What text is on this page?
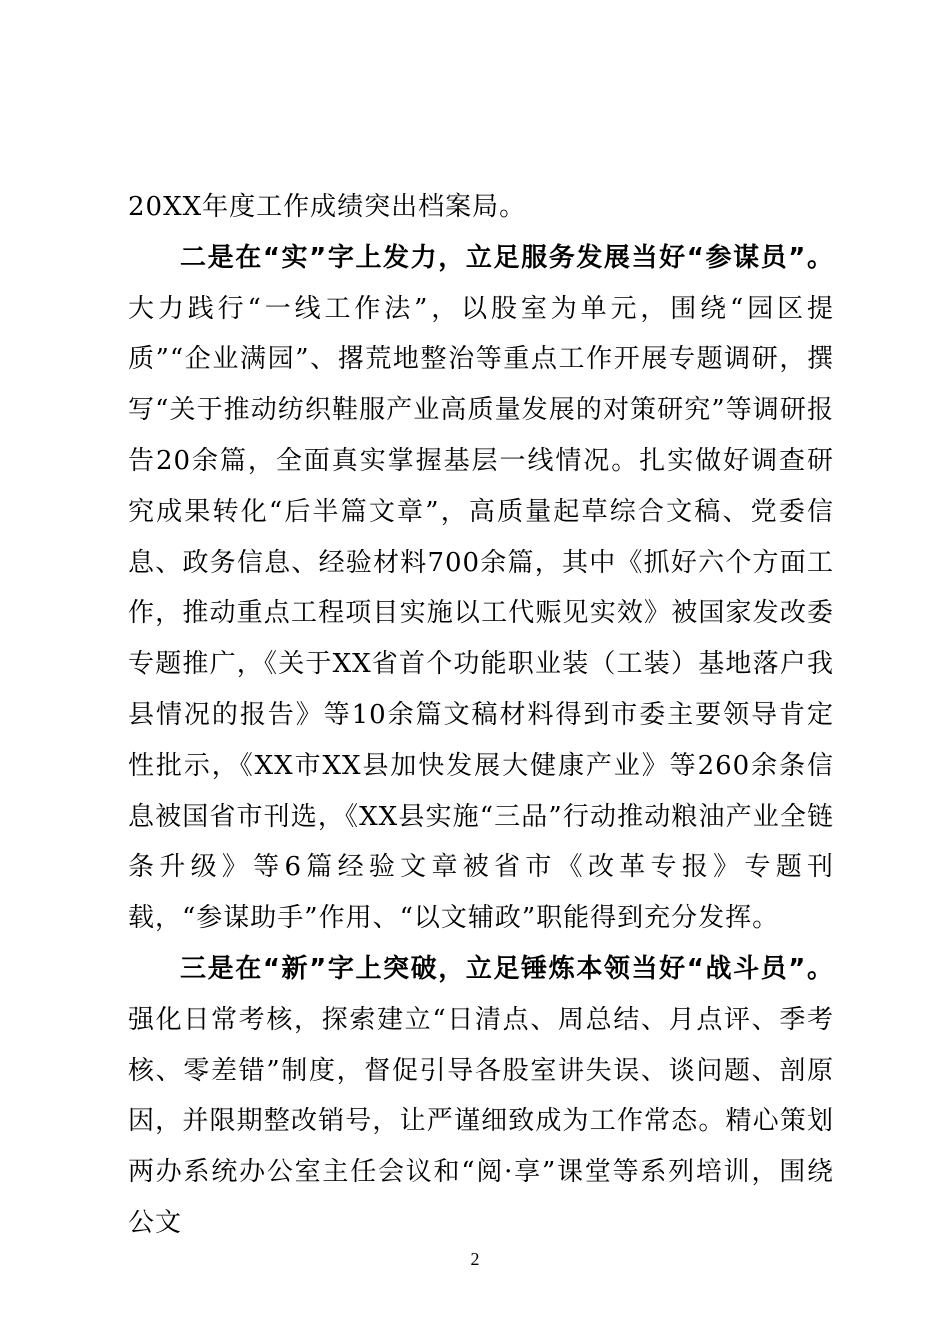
20XX年度工作成绩突出档案局。

二是在“实”字上发力，立足服务发展当好“参谋员”。大力践行“一线工作法”，以股室为单元，围绕“园区提质”“企业满园”、撂荒地整治等重点工作开展专题调研，撰写“关于推动纺织鞋服产业高质量发展的对策研究”等调研报告20余篇，全面真实掌握基层一线情况。扎实做好调查研究成果转化“后半篇文章”，高质量起草综合文稿、党委信息、政务信息、经验材料700余篇，其中《抓好六个方面工作，推动重点工程项目实施以工代赈见实效》被国家发改委专题推广，《关于XX省首个功能职业装（工装）基地落户我县情况的报告》等10余篇文稿材料得到市委主要领导肯定性批示，《XX市XX县加快发展大健康产业》等260余条信息被国省市刊选，《XX县实施“三品”行动推动粮油产业全链条升级》等6篇经验文章被省市《改革专报》专题刊载，“参谋助手”作用、“以文辅政”职能得到充分发挥。

三是在“新”字上突破，立足锤炼本领当好“战斗员”。强化日常考核，探索建立“日清点、周总结、月点评、季考核、零差错”制度，督促引导各股室讲失误、谈问题、剖原因，并限期整改销号，让严谨细致成为工作常态。精心策划两办系统办公室主任会议和“阅·享”课堂等系列培训，围绕公文

2
